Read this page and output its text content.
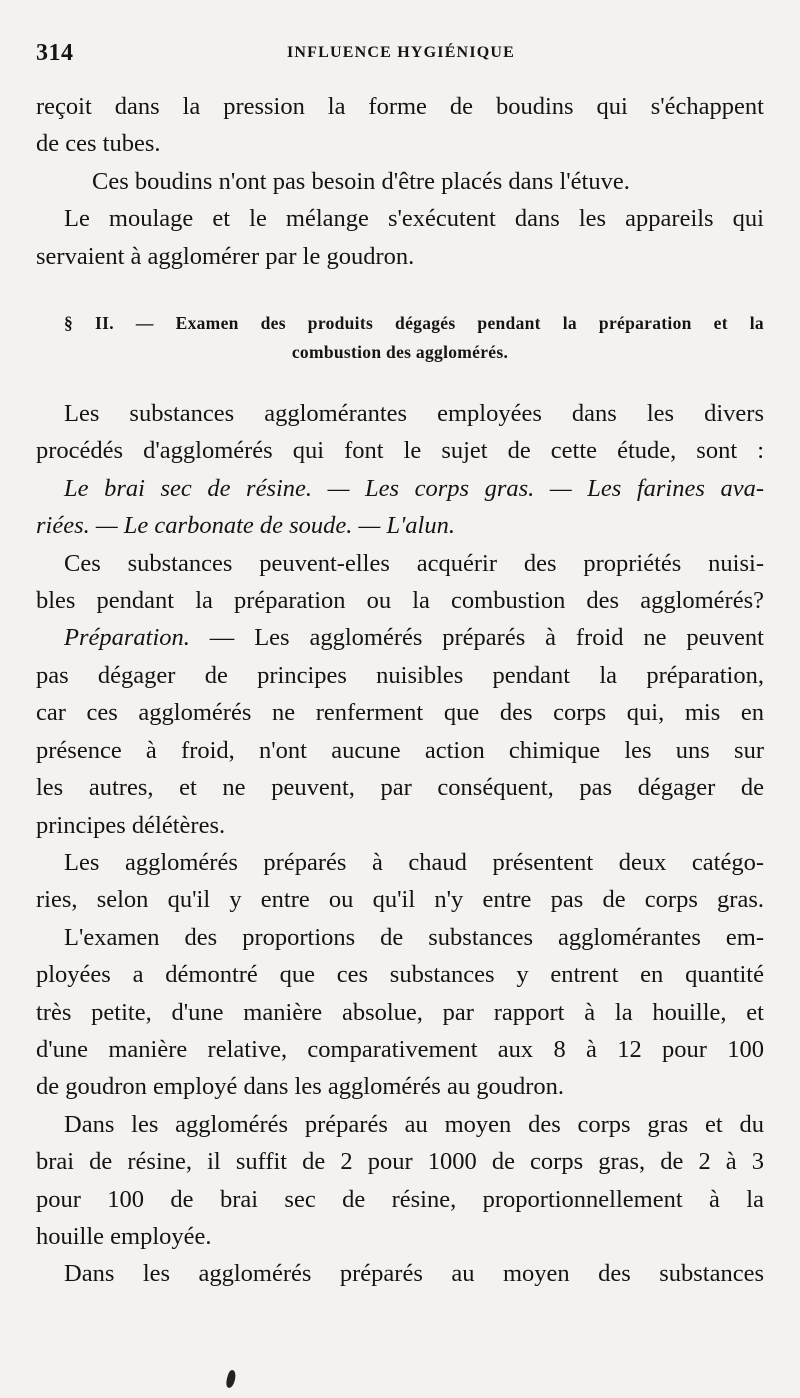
314	INFLUENCE HYGIÉNIQUE

reçoit dans la pression la forme de boudins qui s'échappent
de ces tubes.

Ces boudins n'ont pas besoin d'être placés dans l'étuve.

Le moulage et le mélange s'exécutent dans les appareils qui
servaient à agglomérer par le goudron.

§ II. — Examen des produits dégagés pendant la préparation et la
combustion des agglomérés.

Les substances agglomérantes employées dans les divers
procédés d'agglomérés qui font le sujet de cette étude, sont :

Le brai sec de résine. — Les corps gras. — Les farines ava-
riées. — Le carbonate de soude. — L'alun.

Ces substances peuvent-elles acquérir des propriétés nuisi-
bles pendant la préparation ou la combustion des agglomérés?

Préparation. — Les agglomérés préparés à froid ne peuvent
pas dégager de principes nuisibles pendant la préparation,
car ces agglomérés ne renferment que des corps qui, mis en
présence à froid, n'ont aucune action chimique les uns sur
les autres, et ne peuvent, par conséquent, pas dégager de
principes délétères.

Les agglomérés préparés à chaud présentent deux catégo-
ries, selon qu'il y entre ou qu'il n'y entre pas de corps gras.

L'examen des proportions de substances agglomérantes em-
ployées a démontré que ces substances y entrent en quantité
très petite, d'une manière absolue, par rapport à la houille, et
d'une manière relative, comparativement aux 8 à 12 pour 100
de goudron employé dans les agglomérés au goudron.

Dans les agglomérés préparés au moyen des corps gras et du
brai de résine, il suffit de 2 pour 1000 de corps gras, de 2 à 3
pour 100 de brai sec de résine, proportionnellement à la
houille employée.

Dans les agglomérés préparés au moyen des substances
